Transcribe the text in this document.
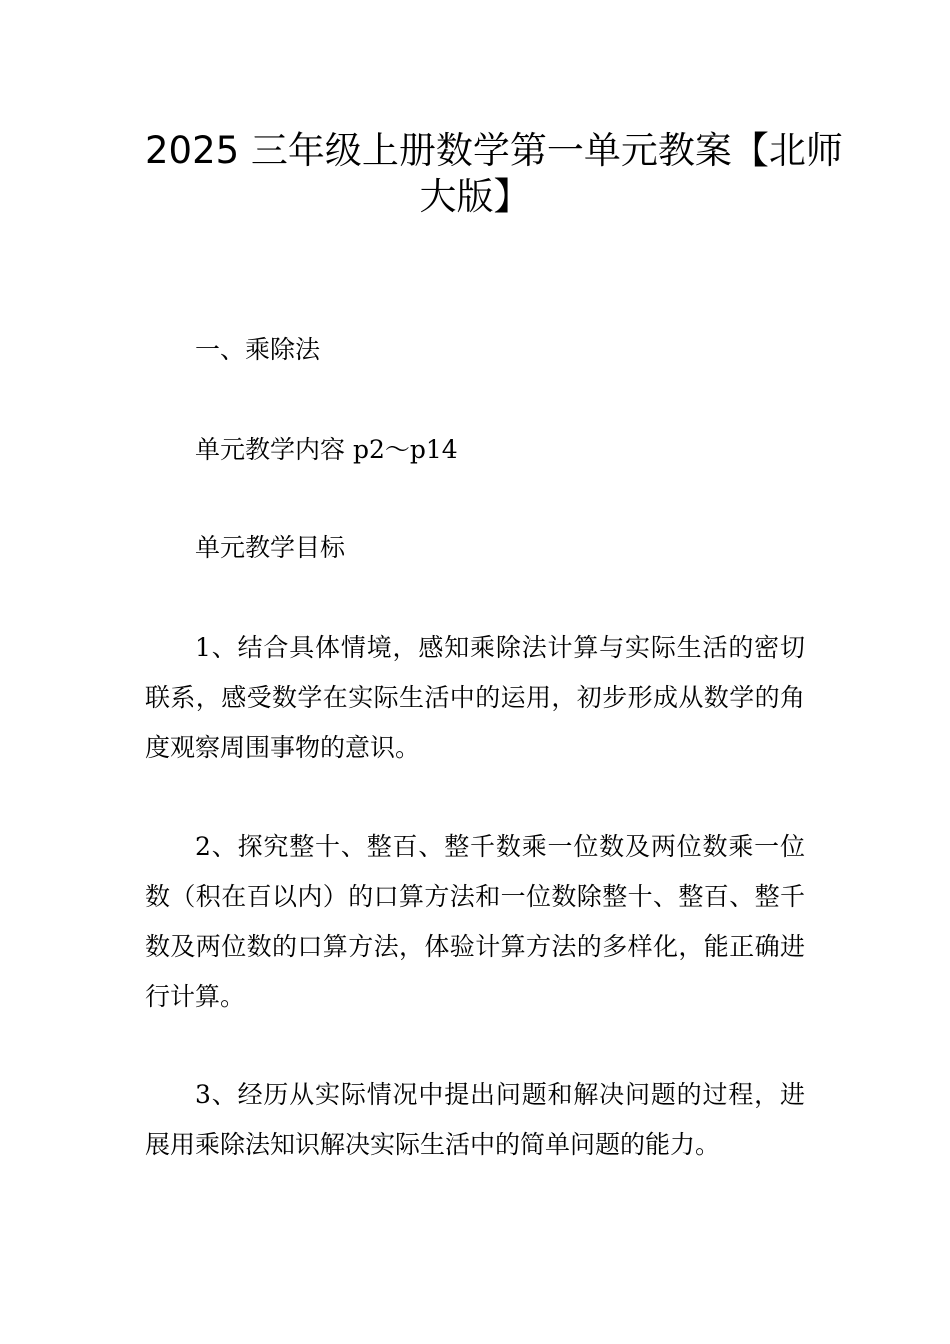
2025 三年级上册数学第一单元教案【北师
大版】

一、乘除法

单元教学内容 p2～p14

单元教学目标

1、结合具体情境，感知乘除法计算与实际生活的密切联系，感受数学在实际生活中的运用，初步形成从数学的角度观察周围事物的意识。

2、探究整十、整百、整千数乘一位数及两位数乘一位数（积在百以内）的口算方法和一位数除整十、整百、整千数及两位数的口算方法，体验计算方法的多样化，能正确进行计算。

3、经历从实际情况中提出问题和解决问题的过程，进展用乘除法知识解决实际生活中的简单问题的能力。
